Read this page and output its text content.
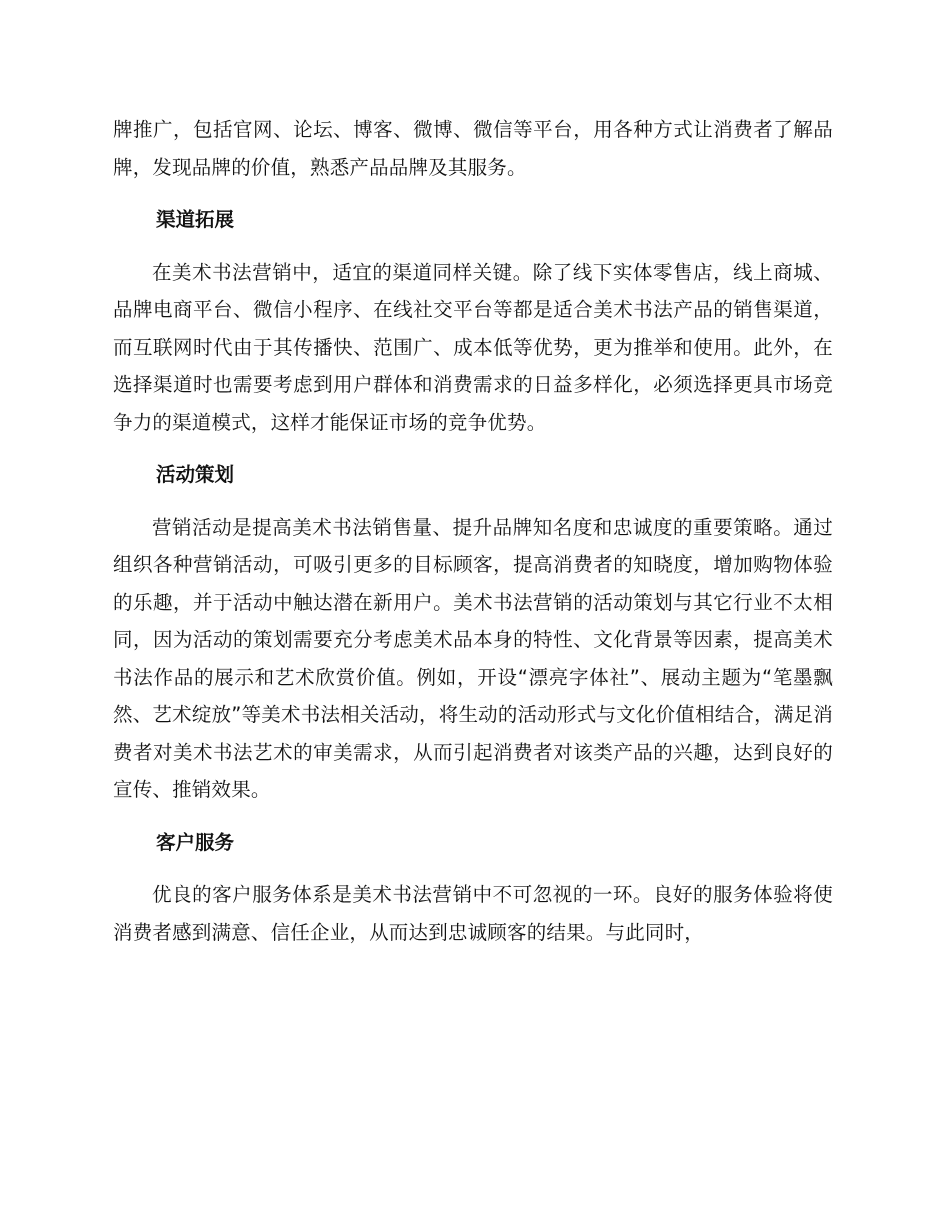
牌推广，包括官网、论坛、博客、微博、微信等平台，用各种方式让消费者了解品牌，发现品牌的价值，熟悉产品品牌及其服务。

渠道拓展

在美术书法营销中，适宜的渠道同样关键。除了线下实体零售店，线上商城、品牌电商平台、微信小程序、在线社交平台等都是适合美术书法产品的销售渠道，而互联网时代由于其传播快、范围广、成本低等优势，更为推举和使用。此外，在选择渠道时也需要考虑到用户群体和消费需求的日益多样化，必须选择更具市场竞争力的渠道模式，这样才能保证市场的竞争优势。

活动策划

营销活动是提高美术书法销售量、提升品牌知名度和忠诚度的重要策略。通过组织各种营销活动，可吸引更多的目标顾客，提高消费者的知晓度，增加购物体验的乐趣，并于活动中触达潜在新用户。美术书法营销的活动策划与其它行业不太相同，因为活动的策划需要充分考虑美术品本身的特性、文化背景等因素，提高美术书法作品的展示和艺术欣赏价值。例如，开设“漂亮字体社”、展动主题为“笔墨飘然、艺术绽放”等美术书法相关活动，将生动的活动形式与文化价值相结合，满足消费者对美术书法艺术的审美需求，从而引起消费者对该类产品的兴趣，达到良好的宣传、推销效果。

客户服务

优良的客户服务体系是美术书法营销中不可忽视的一环。良好的服务体验将使消费者感到满意、信任企业，从而达到忠诚顾客的结果。与此同时，
